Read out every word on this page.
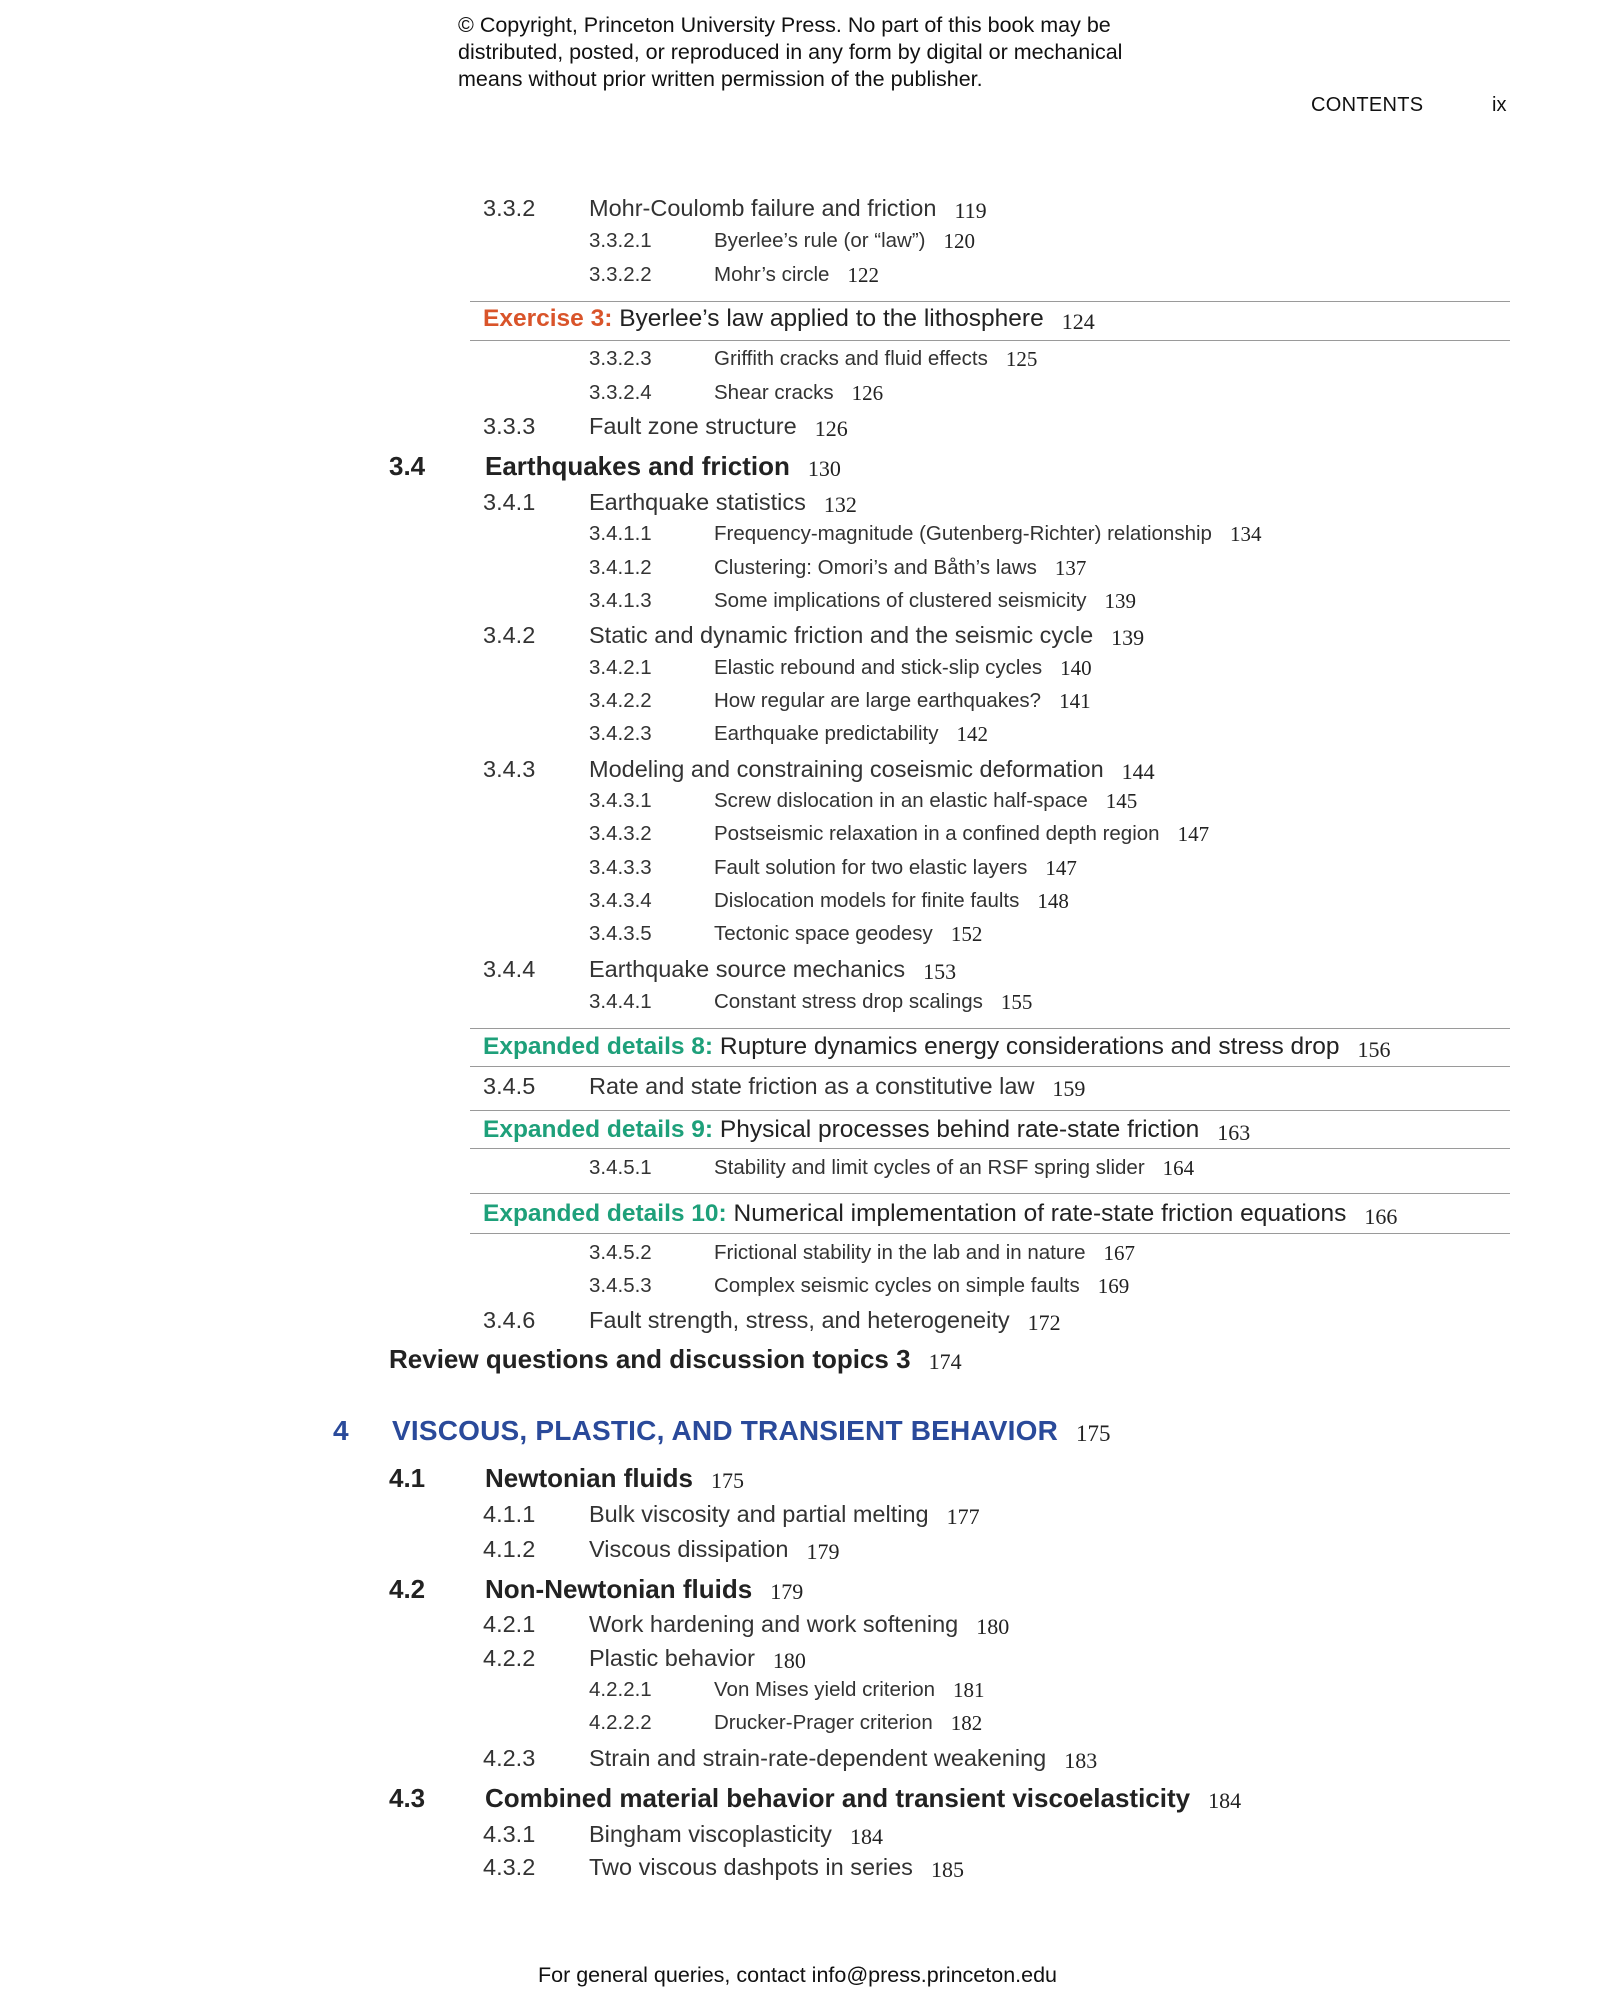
© Copyright, Princeton University Press. No part of this book may be
distributed, posted, or reproduced in any form by digital or mechanical
means without prior written permission of the publisher.
CONTENTS	ix
3.3.2 Mohr-Coulomb failure and friction 119
3.3.2.1	Byerlee’s rule (or “law”) 120
3.3.2.2	Mohr’s circle 122
Exercise 3: Byerlee’s law applied to the lithosphere 124
3.3.2.3	Griffith cracks and fluid effects 125
3.3.2.4	Shear cracks 126
3.3.3 Fault zone structure 126
3.4 Earthquakes and friction 130
3.4.1 Earthquake statistics 132
3.4.1.1	Frequency-magnitude (Gutenberg-Richter) relationship 134
3.4.1.2	Clustering: Omori’s and Båth’s laws 137
3.4.1.3	Some implications of clustered seismicity 139
3.4.2 Static and dynamic friction and the seismic cycle 139
3.4.2.1	Elastic rebound and stick-slip cycles 140
3.4.2.2	How regular are large earthquakes? 141
3.4.2.3	Earthquake predictability 142
3.4.3 Modeling and constraining coseismic deformation 144
3.4.3.1	Screw dislocation in an elastic half-space 145
3.4.3.2	Postseismic relaxation in a confined depth region 147
3.4.3.3	Fault solution for two elastic layers 147
3.4.3.4	Dislocation models for finite faults 148
3.4.3.5	Tectonic space geodesy 152
3.4.4 Earthquake source mechanics 153
3.4.4.1	Constant stress drop scalings 155
Expanded details 8: Rupture dynamics energy considerations and stress drop 156
3.4.5 Rate and state friction as a constitutive law 159
Expanded details 9: Physical processes behind rate-state friction 163
3.4.5.1	Stability and limit cycles of an RSF spring slider 164
Expanded details 10: Numerical implementation of rate-state friction equations 166
3.4.5.2	Frictional stability in the lab and in nature 167
3.4.5.3	Complex seismic cycles on simple faults 169
3.4.6 Fault strength, stress, and heterogeneity 172
Review questions and discussion topics 3 174
4 VISCOUS, PLASTIC, AND TRANSIENT BEHAVIOR 175
4.1 Newtonian fluids 175
4.1.1 Bulk viscosity and partial melting 177
4.1.2 Viscous dissipation 179
4.2 Non-Newtonian fluids 179
4.2.1 Work hardening and work softening 180
4.2.2 Plastic behavior 180
4.2.2.1	Von Mises yield criterion 181
4.2.2.2	Drucker-Prager criterion 182
4.2.3 Strain and strain-rate-dependent weakening 183
4.3 Combined material behavior and transient viscoelasticity 184
4.3.1 Bingham viscoplasticity 184
4.3.2 Two viscous dashpots in series 185
For general queries, contact info@press.princeton.edu
